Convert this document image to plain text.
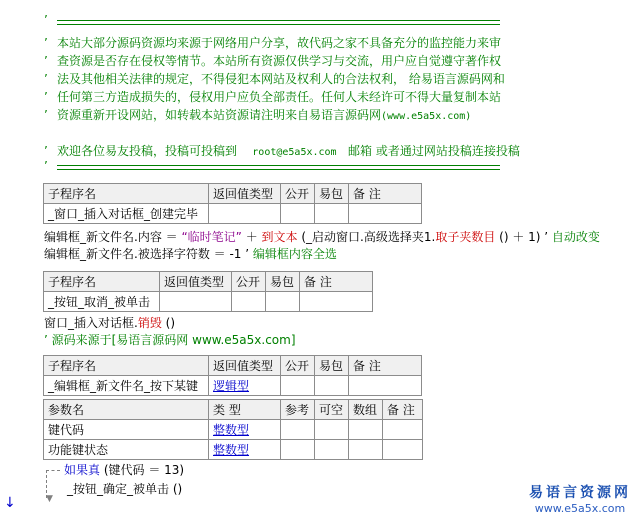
’
’ 本站大部分源码资源均来源于网络用户分享，故代码之家不具备充分的监控能力来审
’ 查资源是否存在侵权等情节。本站所有资源仅供学习与交流，用户应自觉遵守著作权
’ 法及其他相关法律的规定，不得侵犯本网站及权利人的合法权利， 给易语言源码网和
’ 任何第三方造成损失的，侵权用户应负全部责任。任何人未经许可不得大量复制本站
’ 资源重新开设网站，如转载本站资源请注明来自易语言源码网(www.e5a5x.com)
’ 欢迎各位易友投稿，投稿可投稿到 root@e5a5x.com 邮箱 或者通过网站投稿连接投稿
’
子程序名	返回值类型	公开	易包	备 注
_窗口_插入对话框_创建完毕				
编辑框_新文件名.内容 ＝ “临时笔记” ＋ 到文本 (_启动窗口.高级选择夹1.取子夹数目 () ＋ 1) ’ 自动改变
编辑框_新文件名.被选择字符数 ＝ -1 ’ 编辑框内容全选
子程序名	返回值类型	公开	易包	备 注
_按钮_取消_被单击				
窗口_插入对话框.销毁 ()
’ 源码来源于[易语言源码网 www.e5a5x.com]
子程序名	返回值类型	公开	易包	备 注
_编辑框_新文件名_按下某键	逻辑型			
参数名	类 型	参考	可空	数组	备 注
键代码	整数型				
功能键状态	整数型				
▼
如果真 (键代码 ＝ 13)
_按钮_确定_被单击 ()
↓
易语言资源网
www.e5a5x.com
